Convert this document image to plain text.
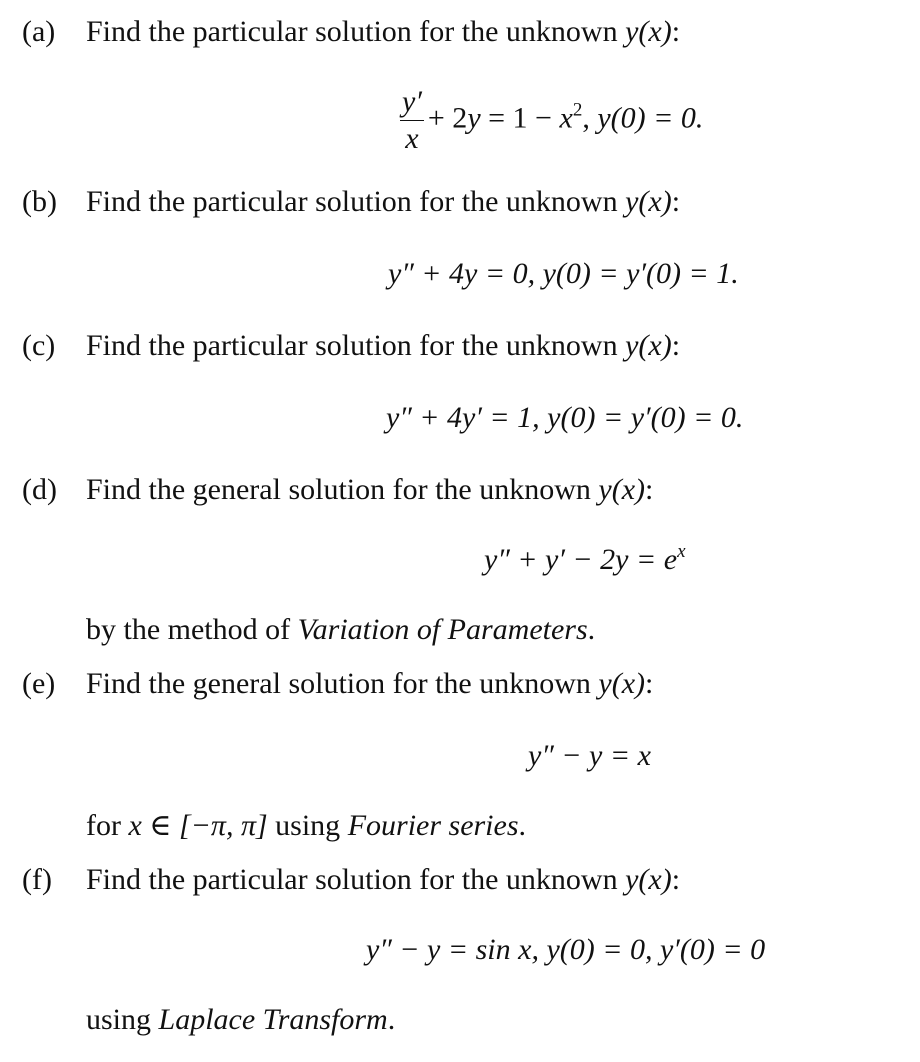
(a) Find the particular solution for the unknown y(x):
$\frac{y'}{x} + 2y = 1 - x^2$, y(0) = 0.
(b) Find the particular solution for the unknown y(x):
y″ + 4y = 0, y(0) = y′(0) = 1.
(c) Find the particular solution for the unknown y(x):
y″ + 4y′ = 1, y(0) = y′(0) = 0.
(d) Find the general solution for the unknown y(x):
$y'' + y' - 2y = e^x$
by the method of Variation of Parameters.
(e) Find the general solution for the unknown y(x):
y″ − y = x
for x ∈ [−π, π] using Fourier series.
(f) Find the particular solution for the unknown y(x):
y″ − y = sin x, y(0) = 0, y′(0) = 0
using Laplace Transform.
